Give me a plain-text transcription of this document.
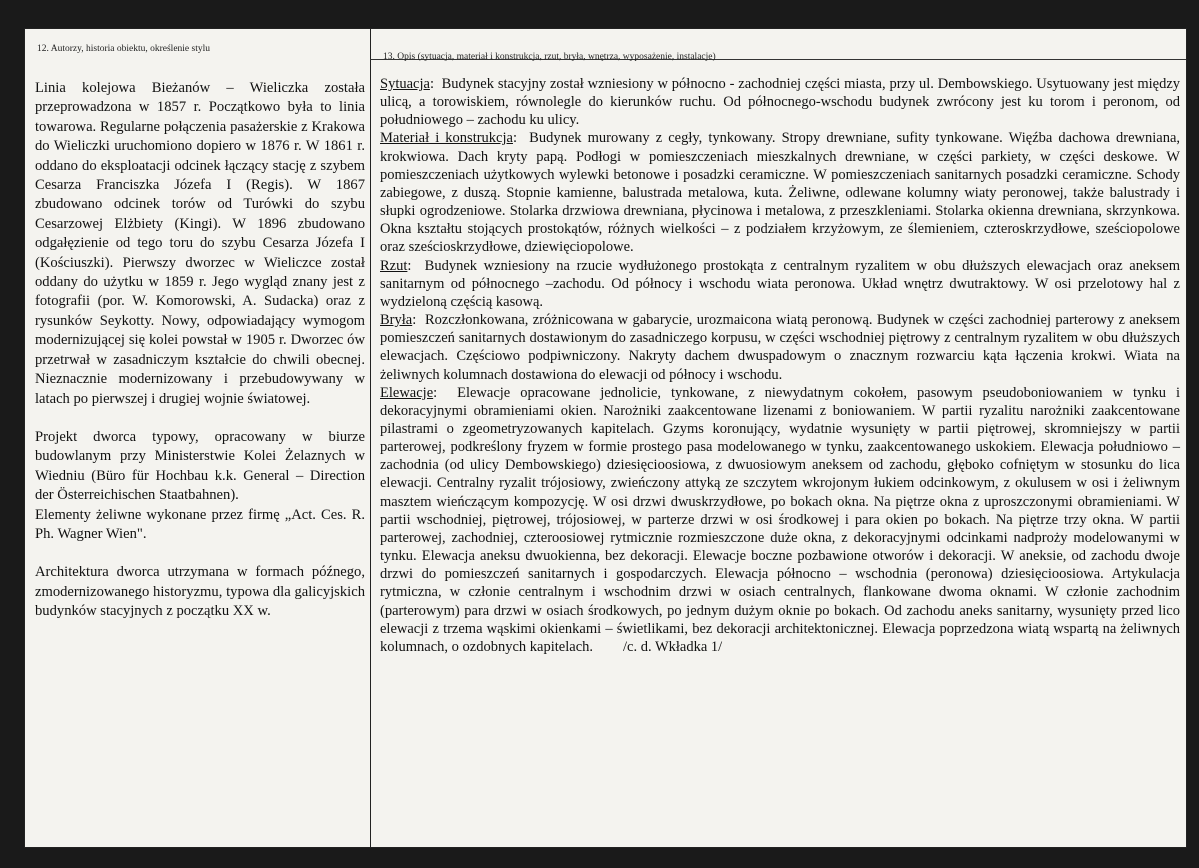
12. Autorzy, historia obiektu, określenie stylu
13. Opis (sytuacja, materiał i konstrukcja, rzut, bryła, wnętrza, wyposażenie, instalacje)

Linia kolejowa Bieżanów – Wieliczka została przeprowadzona w 1857 r. Początkowo była to linia towarowa. Regularne połączenia pasażerskie z Krakowa do Wieliczki uruchomiono dopiero w 1876 r. W 1861 r. oddano do eksploatacji odcinek łączący stację z szybem Cesarza Franciszka Józefa I (Regis). W 1867 zbudowano odcinek torów od Turówki do szybu Cesarzowej Elżbiety (Kingi). W 1896 zbudowano odgałęzienie od tego toru do szybu Cesarza Józefa I (Kościuszki). Pierwszy dworzec w Wieliczce został oddany do użytku w 1859 r. Jego wygląd znany jest z fotografii (por. W. Komorowski, A. Sudacka) oraz z rysunków Seykotty. Nowy, odpowiadający wymogom modernizującej się kolei powstał w 1905 r. Dworzec ów przetrwał w zasadniczym kształcie do chwili obecnej. Nieznacznie modernizowany i przebudowywany w latach po pierwszej i drugiej wojnie światowej.

Projekt dworca typowy, opracowany w biurze budowlanym przy Ministerstwie Kolei Żelaznych w Wiedniu (Büro für Hochbau k.k. General – Direction der Österreichischen Staatbahnen).

Elementy żeliwne wykonane przez firmę „Act. Ces. R. Ph. Wagner Wien".

Architektura dworca utrzymana w formach późnego, zmodernizowanego historyzmu, typowa dla galicyjskich budynków stacyjnych z początku XX w.

Sytuacja:  Budynek stacyjny został wzniesiony w północno - zachodniej części miasta, przy ul. Dembowskiego. Usytuowany jest między ulicą, a torowiskiem, równolegle do kierunków ruchu. Od północnego-wschodu budynek zwrócony jest ku torom i peronom, od południowego – zachodu ku ulicy.

Materiał i konstrukcja:  Budynek murowany z cegły, tynkowany. Stropy drewniane, sufity tynkowane. Więźba dachowa drewniana, krokwiowa. Dach kryty papą. Podłogi w pomieszczeniach mieszkalnych drewniane, w części parkiety, w części deskowe. W pomieszczeniach użytkowych wylewki betonowe i posadzki ceramiczne. W pomieszczeniach sanitarnych posadzki ceramiczne. Schody zabiegowe, z duszą. Stopnie kamienne, balustrada metalowa, kuta. Żeliwne, odlewane kolumny wiaty peronowej, także balustrady i słupki ogrodzeniowe. Stolarka drzwiowa drewniana, płycinowa i metalowa, z przeszkleniami. Stolarka okienna drewniana, skrzynkowa. Okna kształtu stojących prostokątów, różnych wielkości – z podziałem krzyżowym, ze ślemieniem, czteroskrzydłowe, sześciopolowe oraz sześcioskrzydłowe, dziewięciopolowe.

Rzut:  Budynek wzniesiony na rzucie wydłużonego prostokąta z centralnym ryzalitem w obu dłuższych elewacjach oraz aneksem sanitarnym od północnego –zachodu. Od północy i wschodu wiata peronowa. Układ wnętrz dwutraktowy. W osi przelotowy hal z wydzieloną częścią kasową.

Bryła:  Rozczłonkowana, zróżnicowana w gabarycie, urozmaicona wiatą peronową. Budynek w części zachodniej parterowy z aneksem pomieszczeń sanitarnych dostawionym do zasadniczego korpusu, w części wschodniej piętrowy z centralnym ryzalitem w obu dłuższych elewacjach. Częściowo podpiwniczony. Nakryty dachem dwuspadowym o znacznym rozwarciu kąta łączenia krokwi. Wiata na żeliwnych kolumnach dostawiona do elewacji od północy i wschodu.

Elewacje:  Elewacje opracowane jednolicie, tynkowane, z niewydatnym cokołem, pasowym pseudoboniowaniem w tynku i dekoracyjnymi obramieniami okien. Narożniki zaakcentowane lizenami z boniowaniem. W partii ryzalitu narożniki zaakcentowane pilastrami o zgeometryzowanych kapitelach. Gzyms koronujący, wydatnie wysunięty w partii piętrowej, skromniejszy w partii parterowej, podkreślony fryzem w formie prostego pasa modelowanego w tynku, zaakcentowanego uskokiem. Elewacja południowo – zachodnia (od ulicy Dembowskiego) dziesięcioosiowa, z dwuosiowym aneksem od zachodu, głęboko cofniętym w stosunku do lica elewacji. Centralny ryzalit trójosiowy, zwieńczony attyką ze szczytem wkrojonym łukiem odcinkowym, z okulusem w osi i żeliwnym masztem wieńczącym kompozycję. W osi drzwi dwuskrzydłowe, po bokach okna. Na piętrze okna z uproszczonymi obramieniami. W partii wschodniej, piętrowej, trójosiowej, w parterze drzwi w osi środkowej i para okien po bokach. Na piętrze trzy okna. W partii parterowej, zachodniej, czteroosiowej rytmicznie rozmieszczone duże okna, z dekoracyjnymi odcinkami nadproży modelowanymi w tynku. Elewacja aneksu dwuokienna, bez dekoracji. Elewacje boczne pozbawione otworów i dekoracji. W aneksie, od zachodu dwoje drzwi do pomieszczeń sanitarnych i gospodarczych. Elewacja północno – wschodnia (peronowa) dziesięcioosiowa. Artykulacja rytmiczna, w członie centralnym i wschodnim drzwi w osiach centralnych, flankowane dwoma oknami. W członie zachodnim (parterowym) para drzwi w osiach środkowych, po jednym dużym oknie po bokach. Od zachodu aneks sanitarny, wysunięty przed lico elewacji z trzema wąskimi okienkami – świetlikami, bez dekoracji architektonicznej. Elewacja poprzedzona wiatą wspartą na żeliwnych kolumnach, o ozdobnych kapitelach. /c. d. Wkładka 1/
